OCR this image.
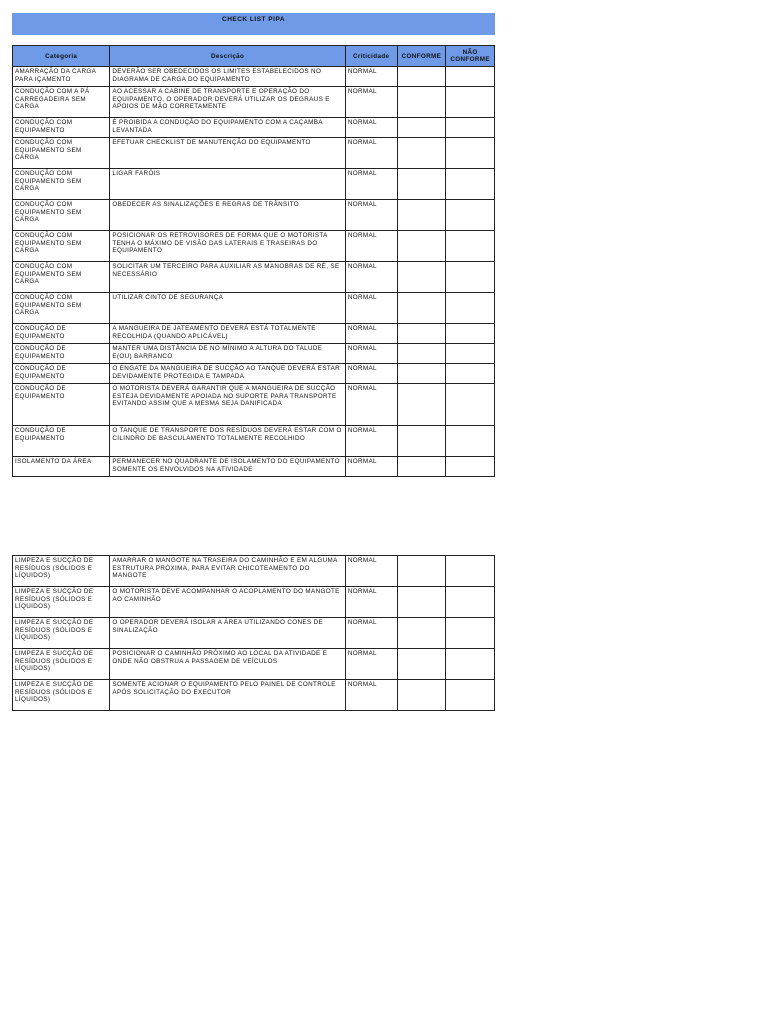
CHECK LIST PIPA
Categoria	Descrição	Criticidade	CONFORME	NÃO CONFORME
AMARRAÇÃO DA CARGA PARA IÇAMENTO	DEVERÃO SER OBEDECIDOS OS LIMITES ESTABELECIDOS NO DIAGRAMA DE CARGA DO EQUIPAMENTO	NORMAL		
CONDUÇÃO COM A PÁ CARREGADEIRA SEM CARGA	AO ACESSAR A CABINE DE TRANSPORTE E OPERAÇÃO DO EQUIPAMENTO, O OPERADOR DEVERÁ UTILIZAR OS DEGRAUS E APOIOS DE MÃO CORRETAMENTE	NORMAL		
CONDUÇÃO COM EQUIPAMENTO	É PROIBIDA A CONDUÇÃO DO EQUIPAMENTO COM A CAÇAMBA LEVANTADA	NORMAL		
CONDUÇÃO COM EQUIPAMENTO SEM CARGA	EFETUAR CHECKLIST DE MANUTENÇÃO DO EQUIPAMENTO	NORMAL		
CONDUÇÃO COM EQUIPAMENTO SEM CARGA	LIGAR FARÓIS	NORMAL		
CONDUÇÃO COM EQUIPAMENTO SEM CARGA	OBEDECER AS SINALIZAÇÕES E REGRAS DE TRÂNSITO	NORMAL		
CONDUÇÃO COM EQUIPAMENTO SEM CARGA	POSICIONAR OS RETROVISORES DE FORMA QUE O MOTORISTA TENHA O MÁXIMO DE VISÃO DAS LATERAIS E TRASEIRAS DO EQUIPAMENTO	NORMAL		
CONDUÇÃO COM EQUIPAMENTO SEM CARGA	SOLICITAR UM TERCEIRO PARA AUXILIAR AS MANOBRAS DE RÉ, SE NECESSÁRIO	NORMAL		
CONDUÇÃO COM EQUIPAMENTO SEM CARGA	UTILIZAR CINTO DE SEGURANÇA	NORMAL		
CONDUÇÃO DE EQUIPAMENTO	A MANGUEIRA DE JATEAMENTO DEVERÁ ESTÁ TOTALMENTE RECOLHIDA (QUANDO APLICÁVEL)	NORMAL		
CONDUÇÃO DE EQUIPAMENTO	MANTER UMA DISTÂNCIA DE NO MÍNIMO A ALTURA DO TALUDE E(OU) BARRANCO	NORMAL		
CONDUÇÃO DE EQUIPAMENTO	O ENGATE DA MANGUEIRA DE SUCÇÃO AO TANQUE DEVERÁ ESTAR DEVIDAMENTE PROTEGIDA E TAMPADA	NORMAL		
CONDUÇÃO DE EQUIPAMENTO	O MOTORISTA DEVERÁ GARANTIR QUE A MANGUEIRA DE SUCÇÃO ESTEJA DEVIDAMENTE APOIADA NO SUPORTE PARA TRANSPORTE EVITANDO ASSIM QUE A MESMA SEJA DANIFICADA	NORMAL		
CONDUÇÃO DE EQUIPAMENTO	O TANQUE DE TRANSPORTE DOS RESÍDUOS DEVERÁ ESTAR COM O CILINDRO DE BASCULAMENTO TOTALMENTE RECOLHIDO	NORMAL		
ISOLAMENTO DA ÁREA	PERMANECER NO QUADRANTE DE ISOLAMENTO DO EQUIPAMENTO SOMENTE OS ENVOLVIDOS NA ATIVIDADE	NORMAL		
LIMPEZA E SUCÇÃO DE RESÍDUOS (SÓLIDOS E LÍQUIDOS)	AMARRAR O MANGOTE NA TRASEIRA DO CAMINHÃO E EM ALGUMA ESTRUTURA PRÓXIMA, PARA EVITAR CHICOTEAMENTO DO MANGOTE	NORMAL		
LIMPEZA E SUCÇÃO DE RESÍDUOS (SÓLIDOS E LÍQUIDOS)	O MOTORISTA DEVE ACOMPANHAR O ACOPLAMENTO DO MANGOTE AO CAMINHÃO	NORMAL		
LIMPEZA E SUCÇÃO DE RESÍDUOS (SÓLIDOS E LÍQUIDOS)	O OPERADOR DEVERÁ ISOLAR A ÁREA UTILIZANDO CONES DE SINALIZAÇÃO	NORMAL		
LIMPEZA E SUCÇÃO DE RESÍDUOS (SÓLIDOS E LÍQUIDOS)	POSICIONAR O CAMINHÃO PRÓXIMO AO LOCAL DA ATIVIDADE E ONDE NÃO OBSTRUA A PASSAGEM DE VEÍCULOS	NORMAL		
LIMPEZA E SUCÇÃO DE RESÍDUOS (SÓLIDOS E LÍQUIDOS)	SOMENTE ACIONAR O EQUIPAMENTO PELO PAINEL DE CONTROLE APÓS SOLICITAÇÃO DO EXECUTOR	NORMAL		
